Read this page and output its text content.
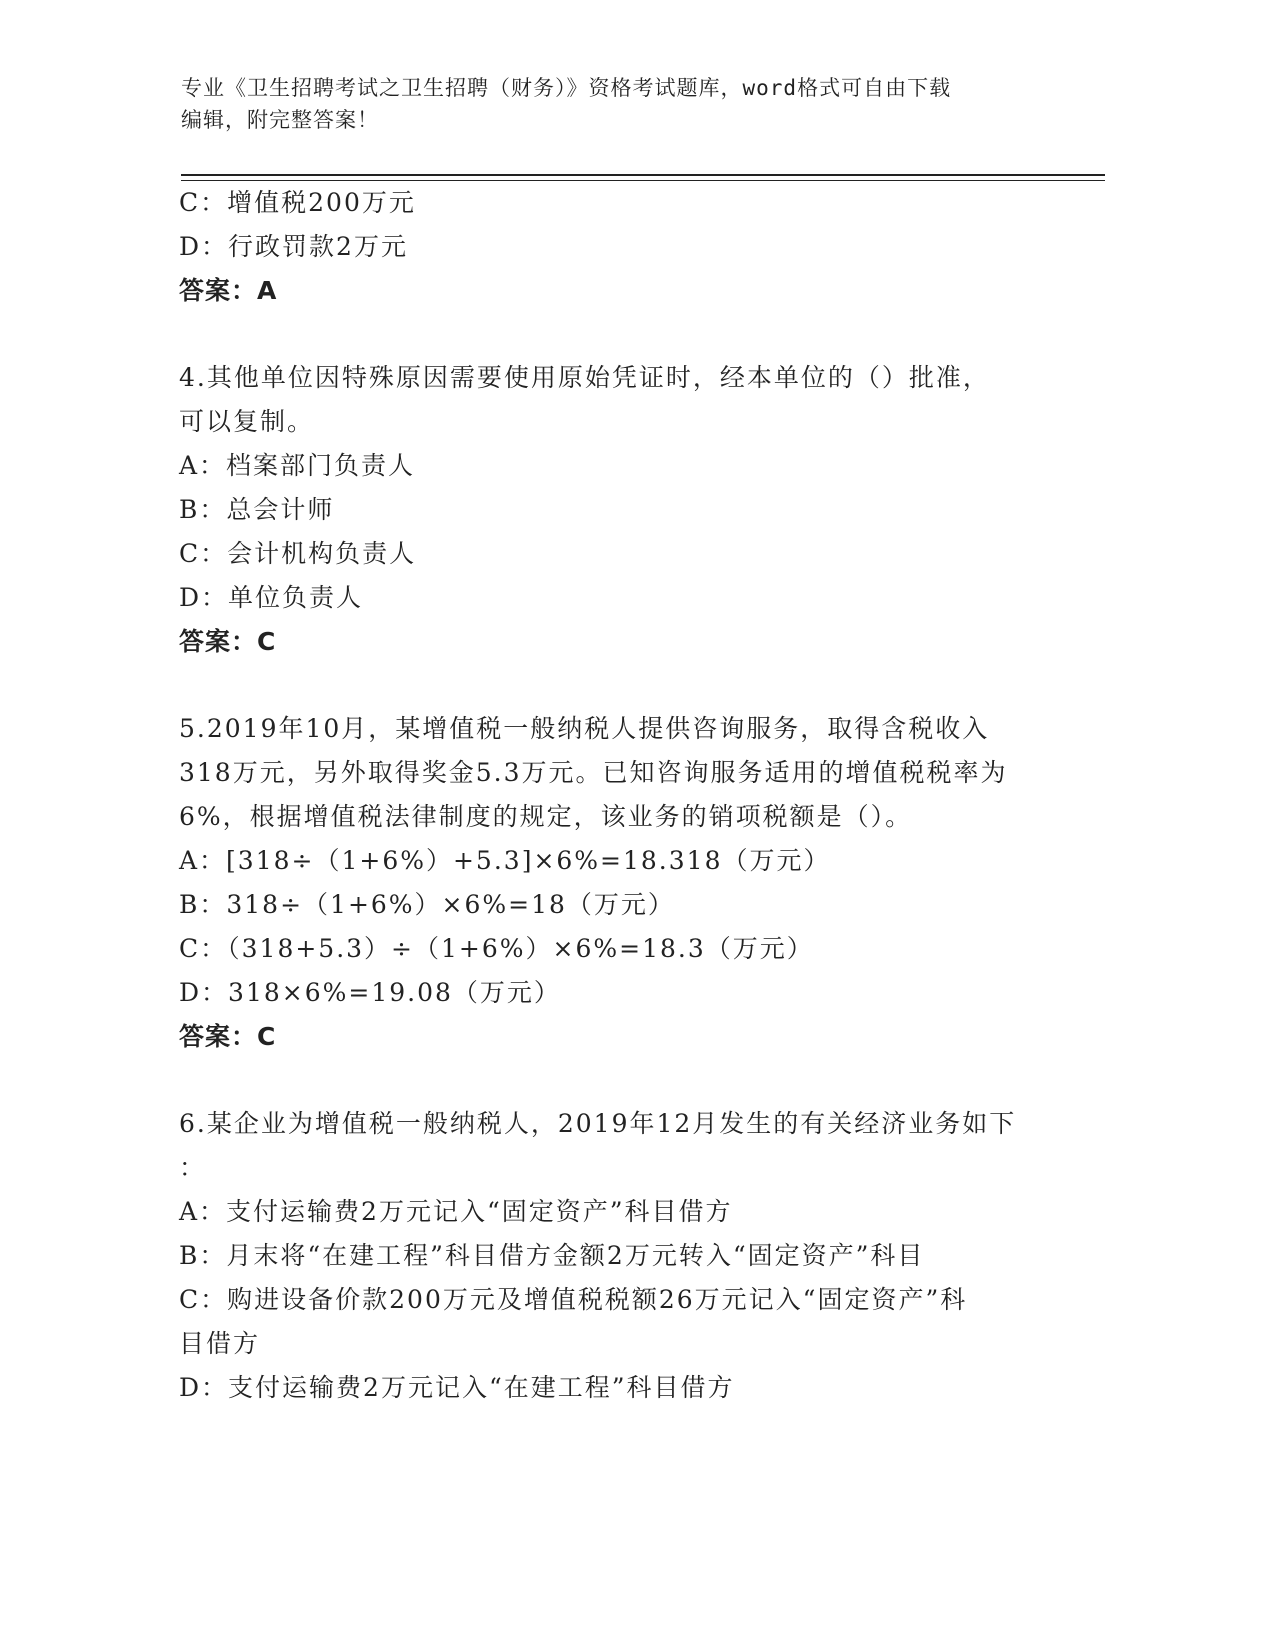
专业《卫生招聘考试之卫生招聘（财务）》资格考试题库，word格式可自由下载
编辑，附完整答案！
C：增值税200万元
D：行政罚款2万元
答案：A
4.其他单位因特殊原因需要使用原始凭证时，经本单位的（）批准，
可以复制。
A：档案部门负责人
B：总会计师
C：会计机构负责人
D：单位负责人
答案：C
5.2019年10月，某增值税一般纳税人提供咨询服务，取得含税收入
318万元，另外取得奖金5.3万元。已知咨询服务适用的增值税税率为
6%，根据增值税法律制度的规定，该业务的销项税额是（）。
A：[318÷（1+6%）+5.3]×6%=18.318（万元）
B：318÷（1+6%）×6%=18（万元）
C：（318+5.3）÷（1+6%）×6%=18.3（万元）
D：318×6%=19.08（万元）
答案：C
6.某企业为增值税一般纳税人，2019年12月发生的有关经济业务如下
：
A：支付运输费2万元记入“固定资产”科目借方
B：月末将“在建工程”科目借方金额2万元转入“固定资产”科目
C：购进设备价款200万元及增值税税额26万元记入“固定资产”科
目借方
D：支付运输费2万元记入“在建工程”科目借方
